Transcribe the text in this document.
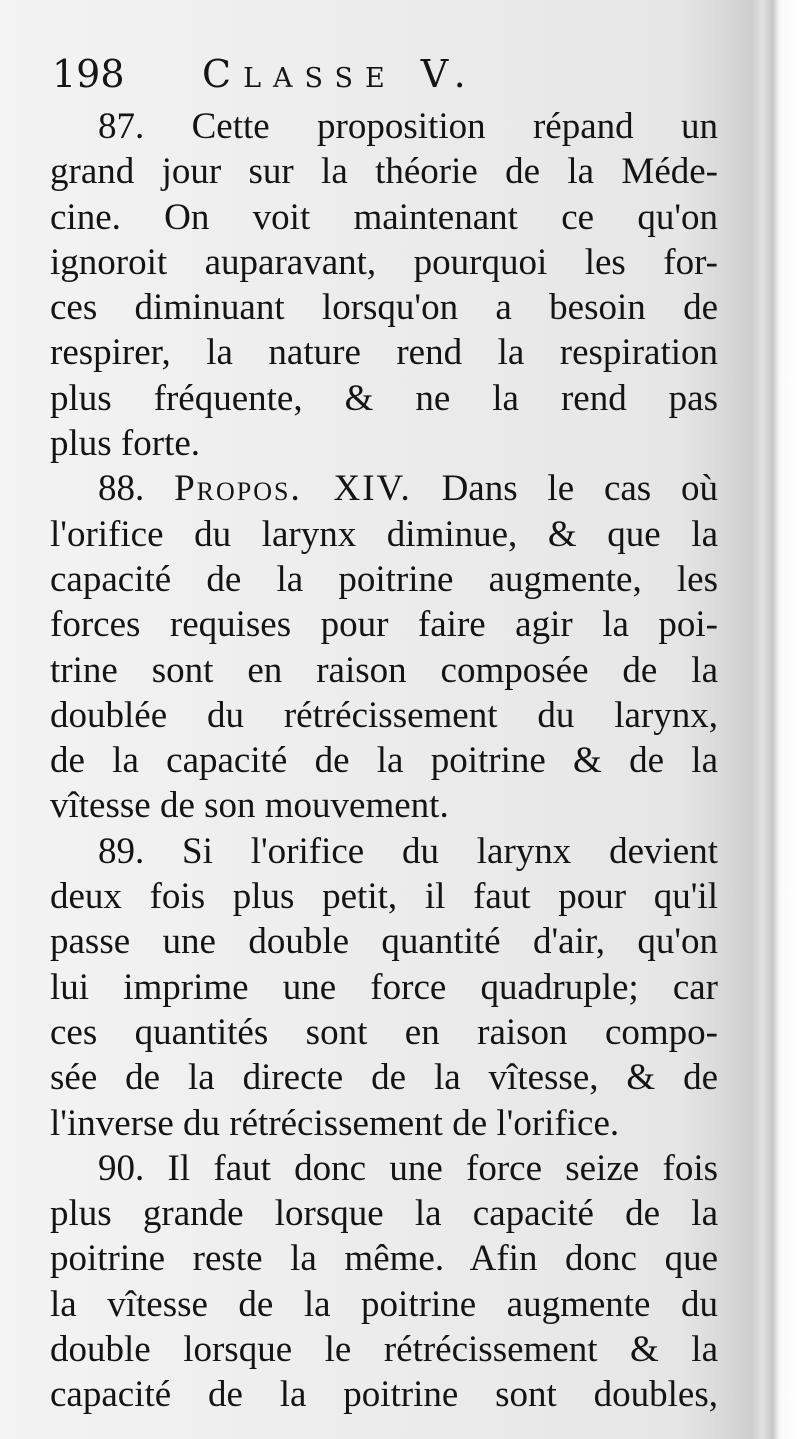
198 Classe V.
87. Cette proposition répand un
grand jour sur la théorie de la Méde-
cine. On voit maintenant ce qu'on
ignoroit auparavant, pourquoi les for-
ces diminuant lorsqu'on a besoin de
respirer, la nature rend la respiration
plus fréquente, & ne la rend pas
plus forte.
88. Propos. XIV. Dans le cas où
l'orifice du larynx diminue, & que la
capacité de la poitrine augmente, les
forces requises pour faire agir la poi-
trine sont en raison composée de la
doublée du rétrécissement du larynx,
de la capacité de la poitrine & de la
vîtesse de son mouvement.
89. Si l'orifice du larynx devient
deux fois plus petit, il faut pour qu'il
passe une double quantité d'air, qu'on
lui imprime une force quadruple; car
ces quantités sont en raison compo-
sée de la directe de la vîtesse, & de
l'inverse du rétrécissement de l'orifice.
90. Il faut donc une force seize fois
plus grande lorsque la capacité de la
poitrine reste la même. Afin donc que
la vîtesse de la poitrine augmente du
double lorsque le rétrécissement & la
capacité de la poitrine sont doubles,
